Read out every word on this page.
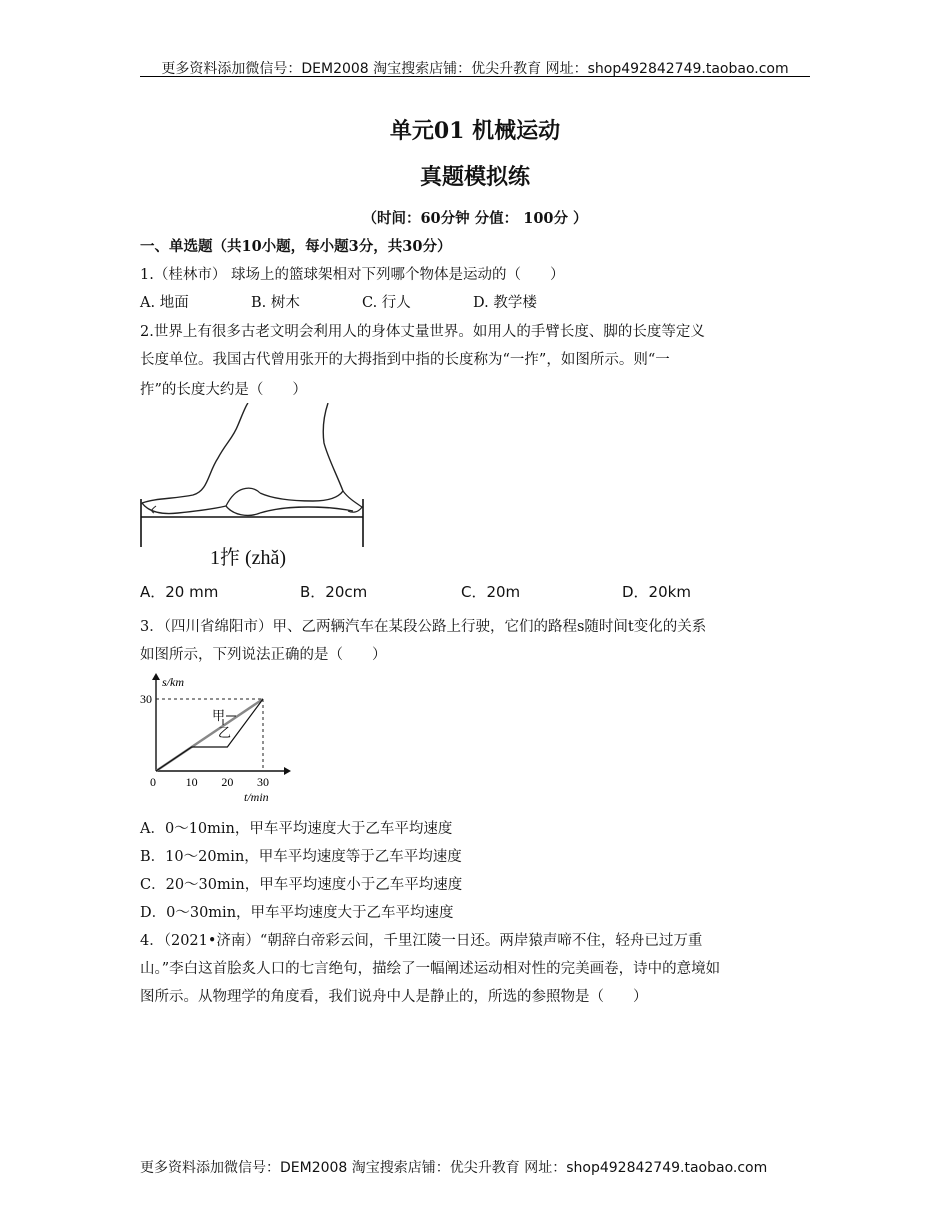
更多资料添加微信号：DEM2008 淘宝搜索店铺：优尖升教育 网址：shop492842749.taobao.com
单元01 机械运动
真题模拟练
（时间：60分钟 分值： 100分 ）
一、单选题（共10小题，每小题3分，共30分）
1.（桂林市） 球场上的篮球架相对下列哪个物体是运动的（　　）
A. 地面	B. 树木	C. 行人	D. 教学楼
2.世界上有很多古老文明会利用人的身体丈量世界。如用人的手臂长度、脚的长度等定义
长度单位。我国古代曾用张开的大拇指到中指的长度称为“一拃”，如图所示。则“一
拃”的长度大约是（　　）
1拃 (zhǎ)
A．20 mm	B．20cm	C．20m	D．20km
3．（四川省绵阳市）甲、乙两辆汽车在某段公路上行驶，它们的路程s随时间t变化的关系
如图所示，下列说法正确的是（　　）
0 10 20 30
30
s/km
t/min
甲
乙
A．0～10min，甲车平均速度大于乙车平均速度
B．10～20min，甲车平均速度等于乙车平均速度
C．20～30min，甲车平均速度小于乙车平均速度
D．0～30min，甲车平均速度大于乙车平均速度
4．（2021•济南）“朝辞白帝彩云间，千里江陵一日还。两岸猿声啼不住，轻舟已过万重
山。”李白这首脍炙人口的七言绝句，描绘了一幅阐述运动相对性的完美画卷，诗中的意境如
图所示。从物理学的角度看，我们说舟中人是静止的，所选的参照物是（　　）
更多资料添加微信号：DEM2008 淘宝搜索店铺：优尖升教育 网址：shop492842749.taobao.com
